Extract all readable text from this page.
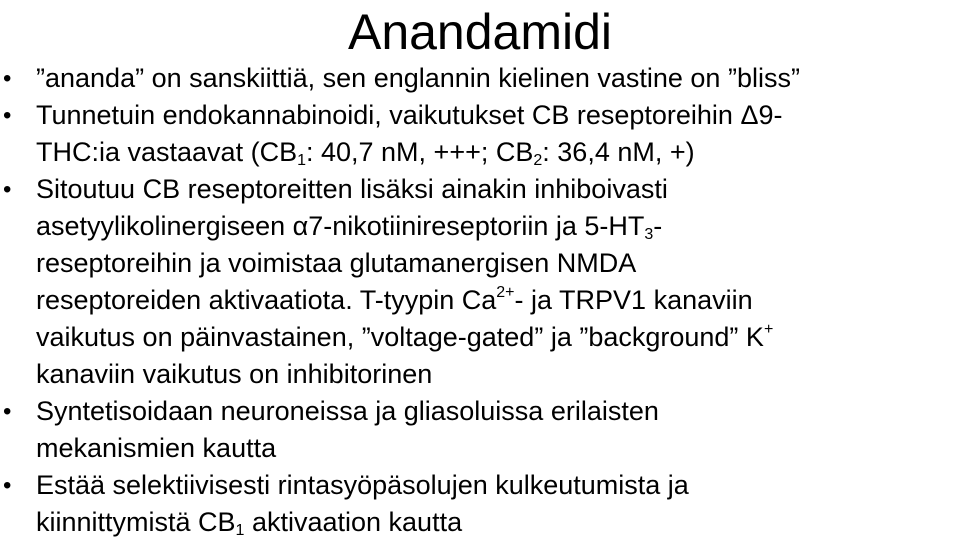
Anandamidi
• ”ananda” on sanskiittiä, sen englannin kielinen vastine on ”bliss”
• Tunnetuin endokannabinoidi, vaikutukset CB reseptoreihin Δ9-
THC:ia vastaavat ($CB_1$: 40,7 nM, +++; $CB_2$: 36,4 nM, +)
• Sitoutuu CB reseptoreitten lisäksi ainakin inhiboivasti
asetyylikolinergiseen α7-nikotiinireseptoriin ja $5-HT_3-$
reseptoreihin ja voimistaa glutamanergisen NMDA
reseptoreiden aktivaatiota. T-tyypin $Ca^{2+}-$ ja TRPV1 kanaviin
vaikutus on päinvastainen, ”voltage-gated” ja ”background” K+
kanaviin vaikutus on inhibitorinen
• Syntetisoidaan neuroneissa ja gliasoluissa erilaisten
mekanismien kautta
• Estää selektiivisesti rintasyöpäsolujen kulkeutumista ja
kiinnittymistä $CB_1$ aktivaation kautta
